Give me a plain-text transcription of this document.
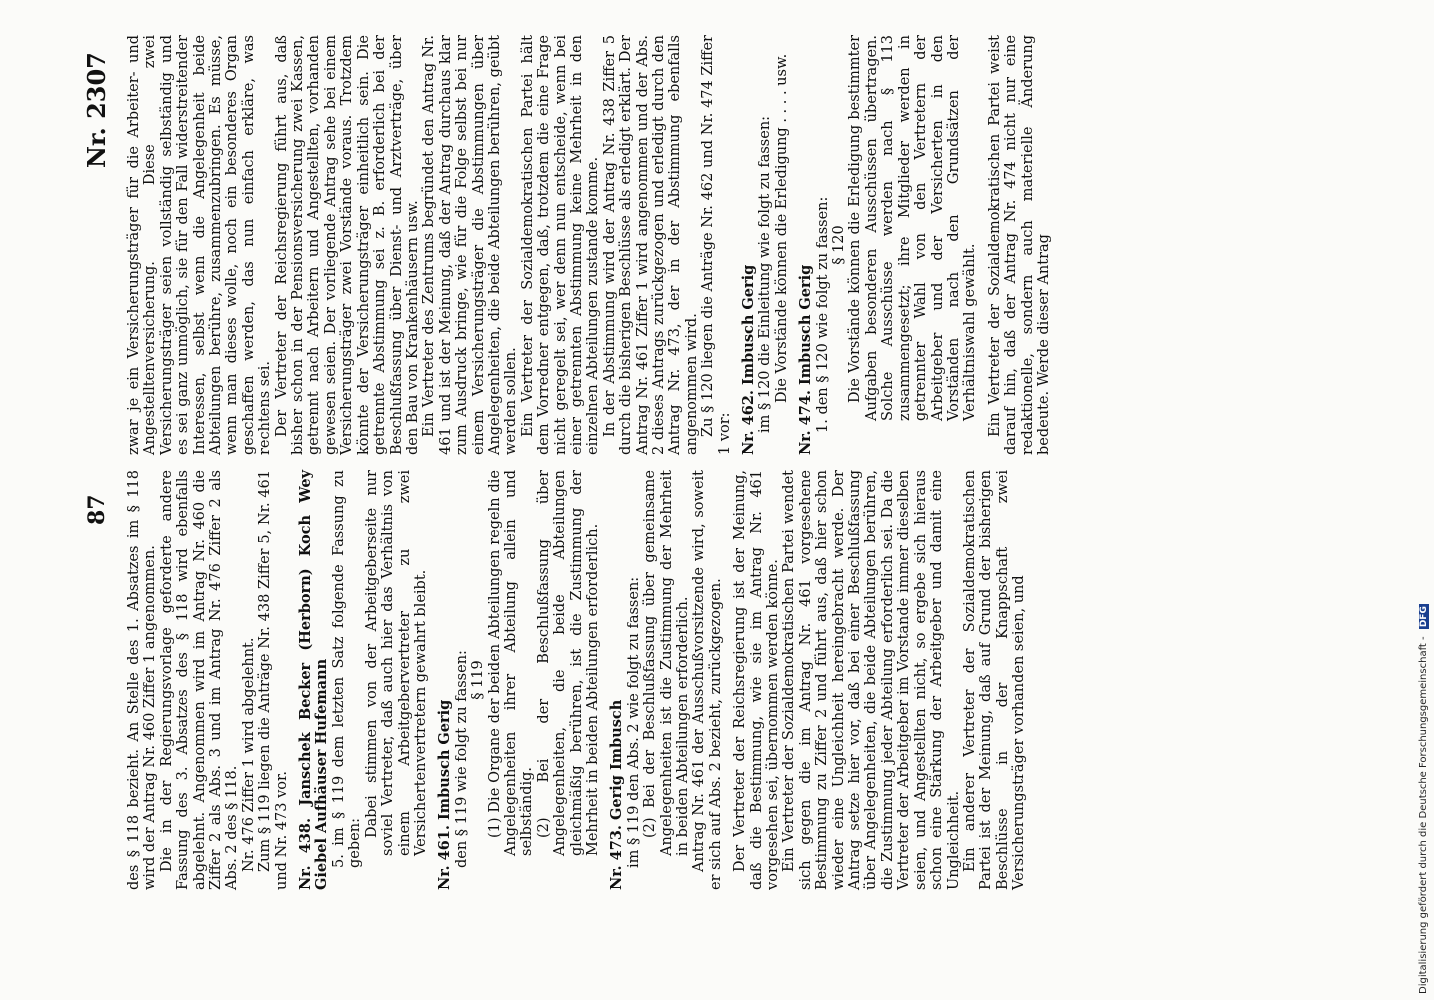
87
Nr. 2307

des § 118 bezieht. An Stelle des 1. Absatzes im § 118 wird der Antrag Nr. 460 Ziffer 1 angenommen. Die in der Regierungsvorlage geforderte andere Fassung des 3. Absatzes des § 118 wird ebenfalls abgelehnt. Angenommen wird im Antrag Nr. 460 die Ziffer 2 als Abs. 3 und im Antrag Nr. 476 Ziffer 2 als Abs. 2 des § 118. Nr. 476 Ziffer 1 wird abgelehnt. Zum § 119 liegen die Anträge Nr. 438 Ziffer 5, Nr. 461 und Nr. 473 vor. Nr. 438. Janschek Becker (Herborn) Koch Wey Giebel Aufhäuser Hufemann 5. im § 119 dem letzten Satz folgende Fassung zu geben:

Dabei stimmen von der Arbeitgeberseite nur soviel Vertreter, daß auch hier das Verhältnis von einem Arbeitgebervertreter zu zwei Versichertenvertretern gewahrt bleibt. Nr. 461. Imbusch Gerig den § 119 wie folgt zu fassen: § 119 (1) Die Organe der beiden Abteilungen regeln die Angelegenheiten ihrer Abteilung allein und selbständig. (2) Bei der Beschlußfassung über Angelegenheiten, die beide Abteilungen gleichmäßig berühren, ist die Zustimmung der Mehrheit in beiden Abteilungen erforderlich. Nr. 473. Gerig Imbusch im § 119 den Abs. 2 wie folgt zu fassen: (2) Bei der Beschlußfassung über gemeinsame Angelegenheiten ist die Zustimmung der Mehrheit in beiden Abteilungen erforderlich. Antrag Nr. 461 der Ausschußvorsitzende wird, soweit er sich auf Abs. 2 bezieht, zurückgezogen. Der Vertreter der Reichsregierung ist der Meinung, daß die Bestimmung, wie sie im Antrag Nr. 461 vorgesehen sei, übernommen werden könne. Ein Vertreter der Sozialdemokratischen Partei wendet sich gegen die im Antrag Nr. 461 vorgesehene Bestimmung zu Ziffer 2 und führt aus, daß hier schon wieder eine Ungleichheit hereingebracht werde. Der Antrag setze hier vor, daß bei einer Beschlußfassung über Angelegenheiten, die beide Abteilungen berühren, die Zustimmung jeder Abteilung erforderlich sei. Da die Vertreter der Arbeitgeber im Vorstande immer dieselben seien, und Angestellten nicht, so ergebe sich hieraus schon eine Stärkung der Arbeitgeber und damit eine Ungleichheit. Ein anderer Vertreter der Sozialdemokratischen Partei ist der Meinung, daß auf Grund der bisherigen Beschlüsse in der Knappschaft zwei Versicherungsträger vorhanden seien, und

zwar je ein Versicherungsträger für die Arbeiter- und Angestelltenversicherung. Diese zwei Versicherungsträger seien vollständig selbständig und es sei ganz unmöglich, sie für den Fall widerstreitender Interessen, selbst wenn die Angelegenheit beide Abteilungen berühre, zusammenzubringen. Es müsse, wenn man dieses wolle, noch ein besonderes Organ geschaffen werden, das nun einfach erkläre, was rechtens sei. Der Vertreter der Reichsregierung führt aus, daß bisher schon in der Pensionsversicherung zwei Kassen, getrennt nach Arbeitern und Angestellten, vorhanden gewesen seien. Der vorliegende Antrag sehe bei einem Versicherungsträger zwei Vorstände voraus. Trotzdem könnte der Versicherungsträger einheitlich sein. Die getrennte Abstimmung sei z. B. erforderlich bei der Beschlußfassung über Dienst- und Arztverträge, über den Bau von Krankenhäusern usw. Ein Vertreter des Zentrums begründet den Antrag Nr. 461 und ist der Meinung, daß der Antrag durchaus klar zum Ausdruck bringe, wie für die Folge selbst bei nur einem Versicherungsträger die Abstimmungen über Angelegenheiten, die beide Abteilungen berühren, geübt werden sollen. Ein Vertreter der Sozialdemokratischen Partei hält dem Vorredner entgegen, daß, trotzdem die eine Frage nicht geregelt sei, wer denn nun entscheide, wenn bei einer getrennten Abstimmung keine Mehrheit in den einzelnen Abteilungen zustande komme. In der Abstimmung wird der Antrag Nr. 438 Ziffer 5 durch die bisherigen Beschlüsse als erledigt erklärt. Der Antrag Nr. 461 Ziffer 1 wird angenommen und der Abs. 2 dieses Antrags zurückgezogen und erledigt durch den Antrag Nr. 473, der in der Abstimmung ebenfalls angenommen wird. Zu § 120 liegen die Anträge Nr. 462 und Nr. 474 Ziffer 1 vor: Nr. 462. Imbusch Gerig im § 120 die Einleitung wie folgt zu fassen: Die Vorstände können die Erledigung . . . . usw. Nr. 474. Imbusch Gerig 1. den § 120 wie folgt zu fassen: § 120 Die Vorstände können die Erledigung bestimmter Aufgaben besonderen Ausschüssen übertragen. Solche Ausschüsse werden nach § 113 zusammengesetzt; ihre Mitglieder werden in getrennter Wahl von den Vertretern der Arbeitgeber und der Versicherten in den Vorständen nach den Grundsätzen der Verhältniswahl gewählt. Ein Vertreter der Sozialdemokratischen Partei weist darauf hin, daß der Antrag Nr. 474 nicht nur eine redaktionelle, sondern auch materielle Änderung bedeute. Werde dieser Antrag

Digitalisierung gefördert durch die Deutsche Forschungsgemeinschaft - DFG
